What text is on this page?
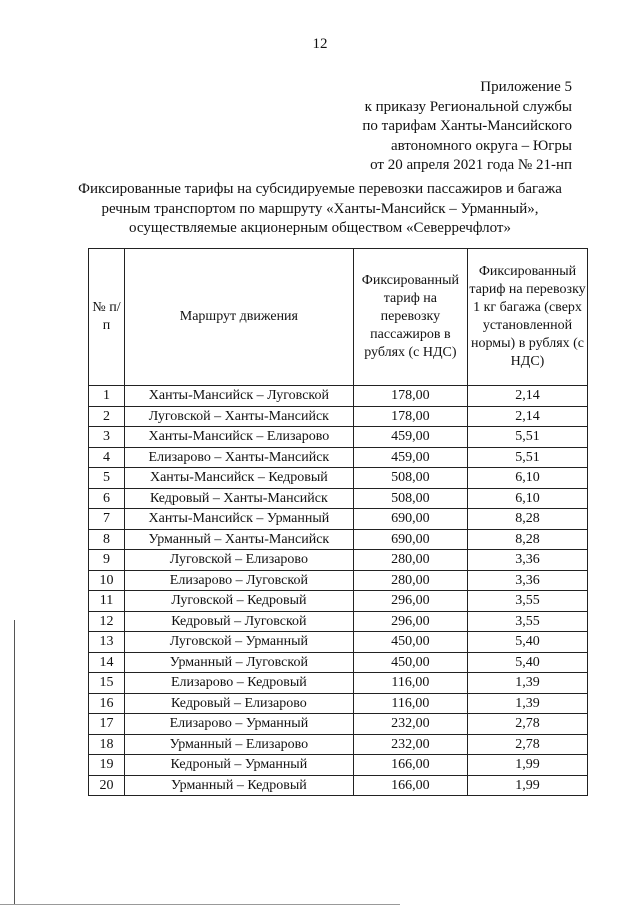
12
Приложение 5
к приказу Региональной службы
по тарифам Ханты-Мансийского
автономного округа – Югры
от 20 апреля 2021 года № 21-нп
Фиксированные тарифы на субсидируемые перевозки пассажиров и багажа
речным транспортом по маршруту «Ханты-Мансийск – Урманный»,
осуществляемые акционерным обществом «Северречфлот»
№ п/п	Маршрут движения	Фиксированный тариф на перевозку пассажиров в рублях (с НДС)	Фиксированный тариф на перевозку 1 кг багажа (сверх установленной нормы) в рублях (с НДС)
1	Ханты-Мансийск – Луговской	178,00	2,14
2	Луговской – Ханты-Мансийск	178,00	2,14
3	Ханты-Мансийск – Елизарово	459,00	5,51
4	Елизарово – Ханты-Мансийск	459,00	5,51
5	Ханты-Мансийск – Кедровый	508,00	6,10
6	Кедровый – Ханты-Мансийск	508,00	6,10
7	Ханты-Мансийск – Урманный	690,00	8,28
8	Урманный – Ханты-Мансийск	690,00	8,28
9	Луговской – Елизарово	280,00	3,36
10	Елизарово – Луговской	280,00	3,36
11	Луговской – Кедровый	296,00	3,55
12	Кедровый – Луговской	296,00	3,55
13	Луговской – Урманный	450,00	5,40
14	Урманный – Луговской	450,00	5,40
15	Елизарово – Кедровый	116,00	1,39
16	Кедровый – Елизарово	116,00	1,39
17	Елизарово – Урманный	232,00	2,78
18	Урманный – Елизарово	232,00	2,78
19	Кедроный – Урманный	166,00	1,99
20	Урманный – Кедровый	166,00	1,99
